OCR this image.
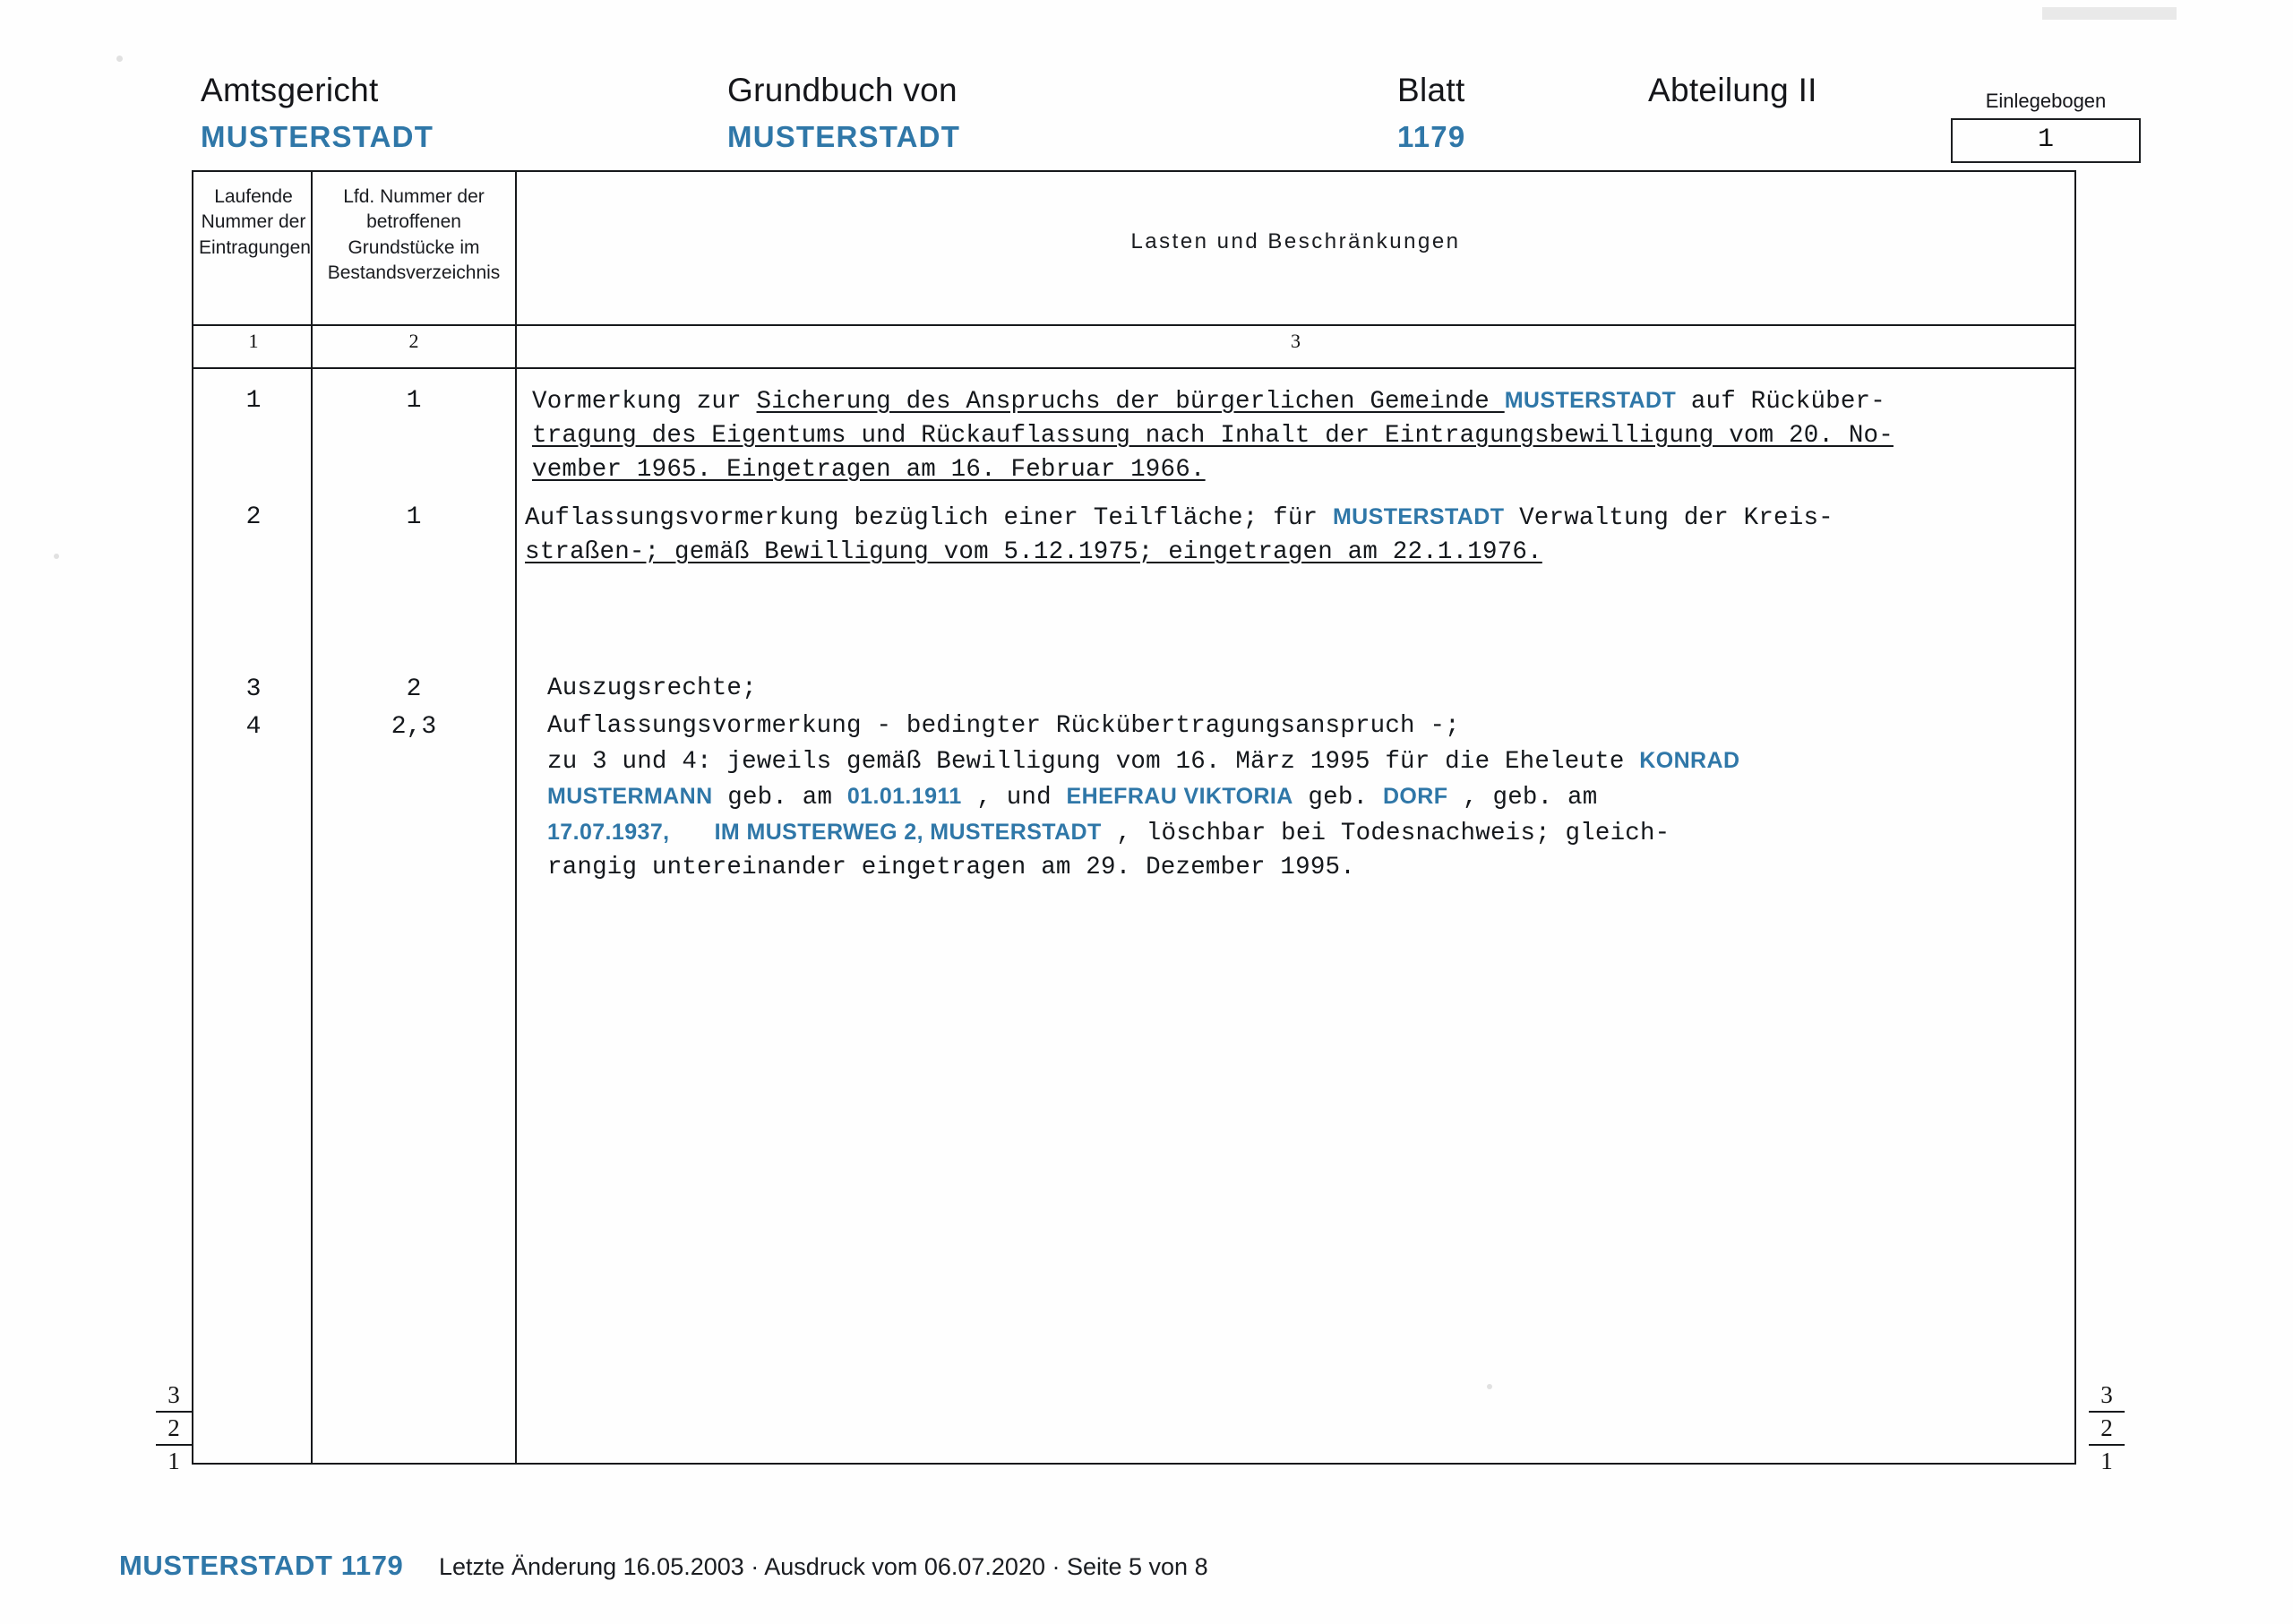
Amtsgericht
MUSTERSTADT
Grundbuch von
MUSTERSTADT
Blatt
1179
Abteilung II	Einlegebogen
1
Laufende Nummer der Eintragungen
Lfd. Nummer der betroffenen Grundstücke im Bestandsverzeichnis
Lasten und Beschränkungen
1	2	3
1	1	Vormerkung zur Sicherung des Anspruchs der bürgerlichen Gemeinde MUSTERSTADT auf Rücküber-
tragung des Eigentums und Rückauflassung nach Inhalt der Eintragungsbewilligung vom 20. No-
vember 1965. Eingetragen am 16. Februar 1966.
2	1	Auflassungsvormerkung bezüglich einer Teilfläche; für MUSTERSTADT Verwaltung der Kreis-
straßen-; gemäß Bewilligung vom 5.12.1975; eingetragen am 22.1.1976.
3	2	Auszugsrechte;
4	2,3	Auflassungsvormerkung - bedingter Rückübertragungsanspruch -;
zu 3 und 4: jeweils gemäß Bewilligung vom 16. März 1995 für die Eheleute KONRAD
MUSTERMANN geb. am 01.01.1911 , und EHEFRAU VIKTORIA geb. DORF , geb. am
17.07.1937, IM MUSTERWEG 2, MUSTERSTADT , löschbar bei Todesnachweis; gleich-
rangig untereinander eingetragen am 29. Dezember 1995.
3
2
1
3
2
1
MUSTERSTADT 1179 Letzte Änderung 16.05.2003 · Ausdruck vom 06.07.2020 · Seite 5 von 8
